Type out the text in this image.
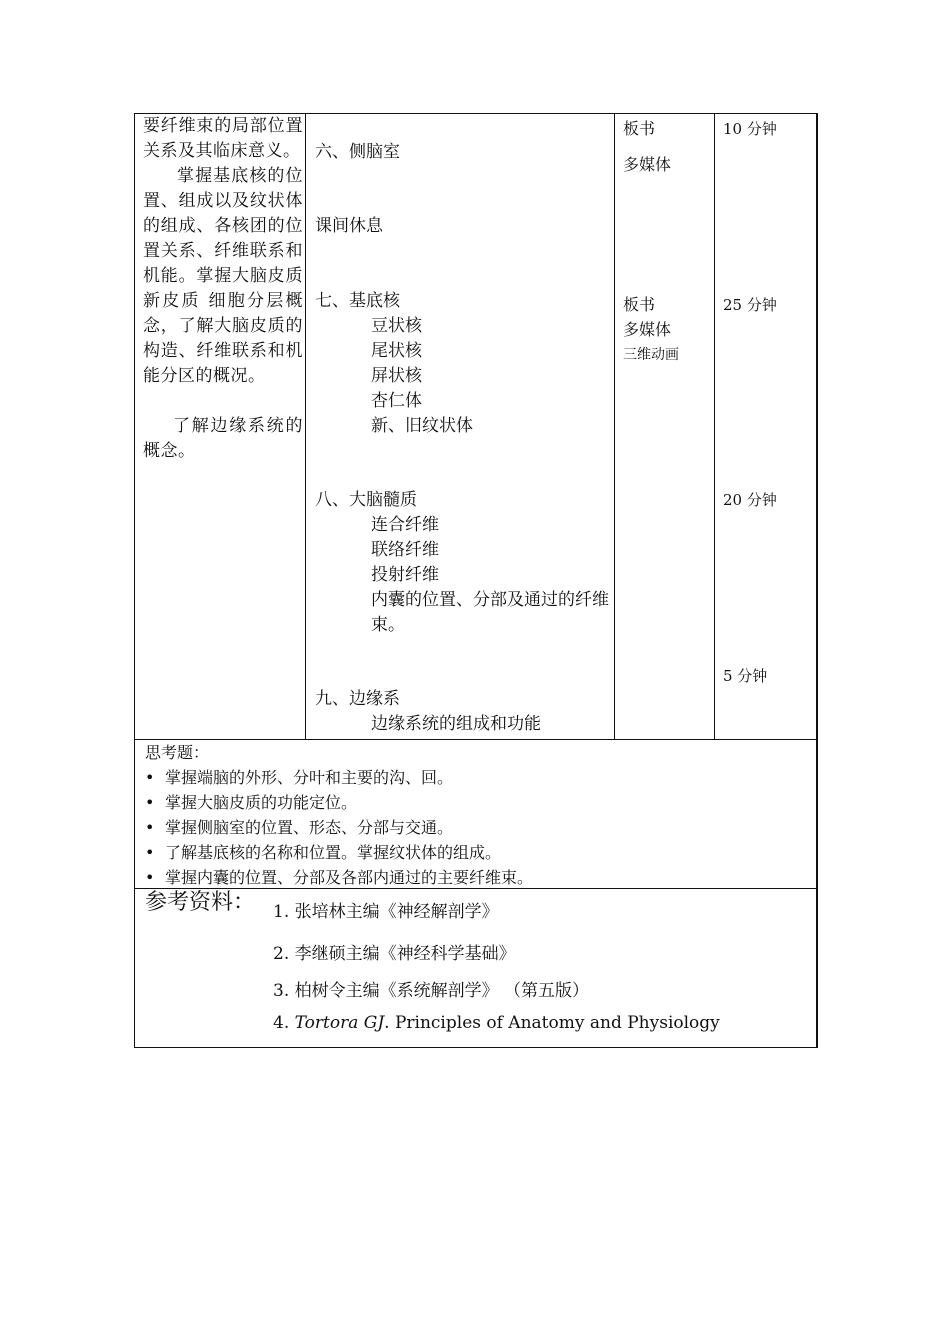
要纤维束的局部位置关系及其临床意义。

掌握基底核的位置、组成以及纹状体的组成、各核团的位置关系、纤维联系和机能。掌握大脑皮质 新皮质 细胞分层概念，了解大脑皮质的构造、纤维联系和机能分区的概况。

了解边缘系统的概念。

六、侧脑室
课间休息
七、基底核
豆状核
尾状核
屏状核
杏仁体
新、旧纹状体
八、大脑髓质
连合纤维
联络纤维
投射纤维
内囊的位置、分部及通过的纤维束。
九、边缘系
边缘系统的组成和功能
板书
多媒体
板书
多媒体
三维动画
10 分钟
25 分钟
20 分钟
5 分钟
思考题：
• 掌握端脑的外形、分叶和主要的沟、回。
• 掌握大脑皮质的功能定位。
• 掌握侧脑室的位置、形态、分部与交通。
• 了解基底核的名称和位置。掌握纹状体的组成。
• 掌握内囊的位置、分部及各部内通过的主要纤维束。
参考资料： 1. 张培林主编《神经解剖学》
2. 李继硕主编《神经科学基础》
3. 柏树令主编《系统解剖学》 （第五版）
4. Tortora GJ. Principles of Anatomy and Physiology
